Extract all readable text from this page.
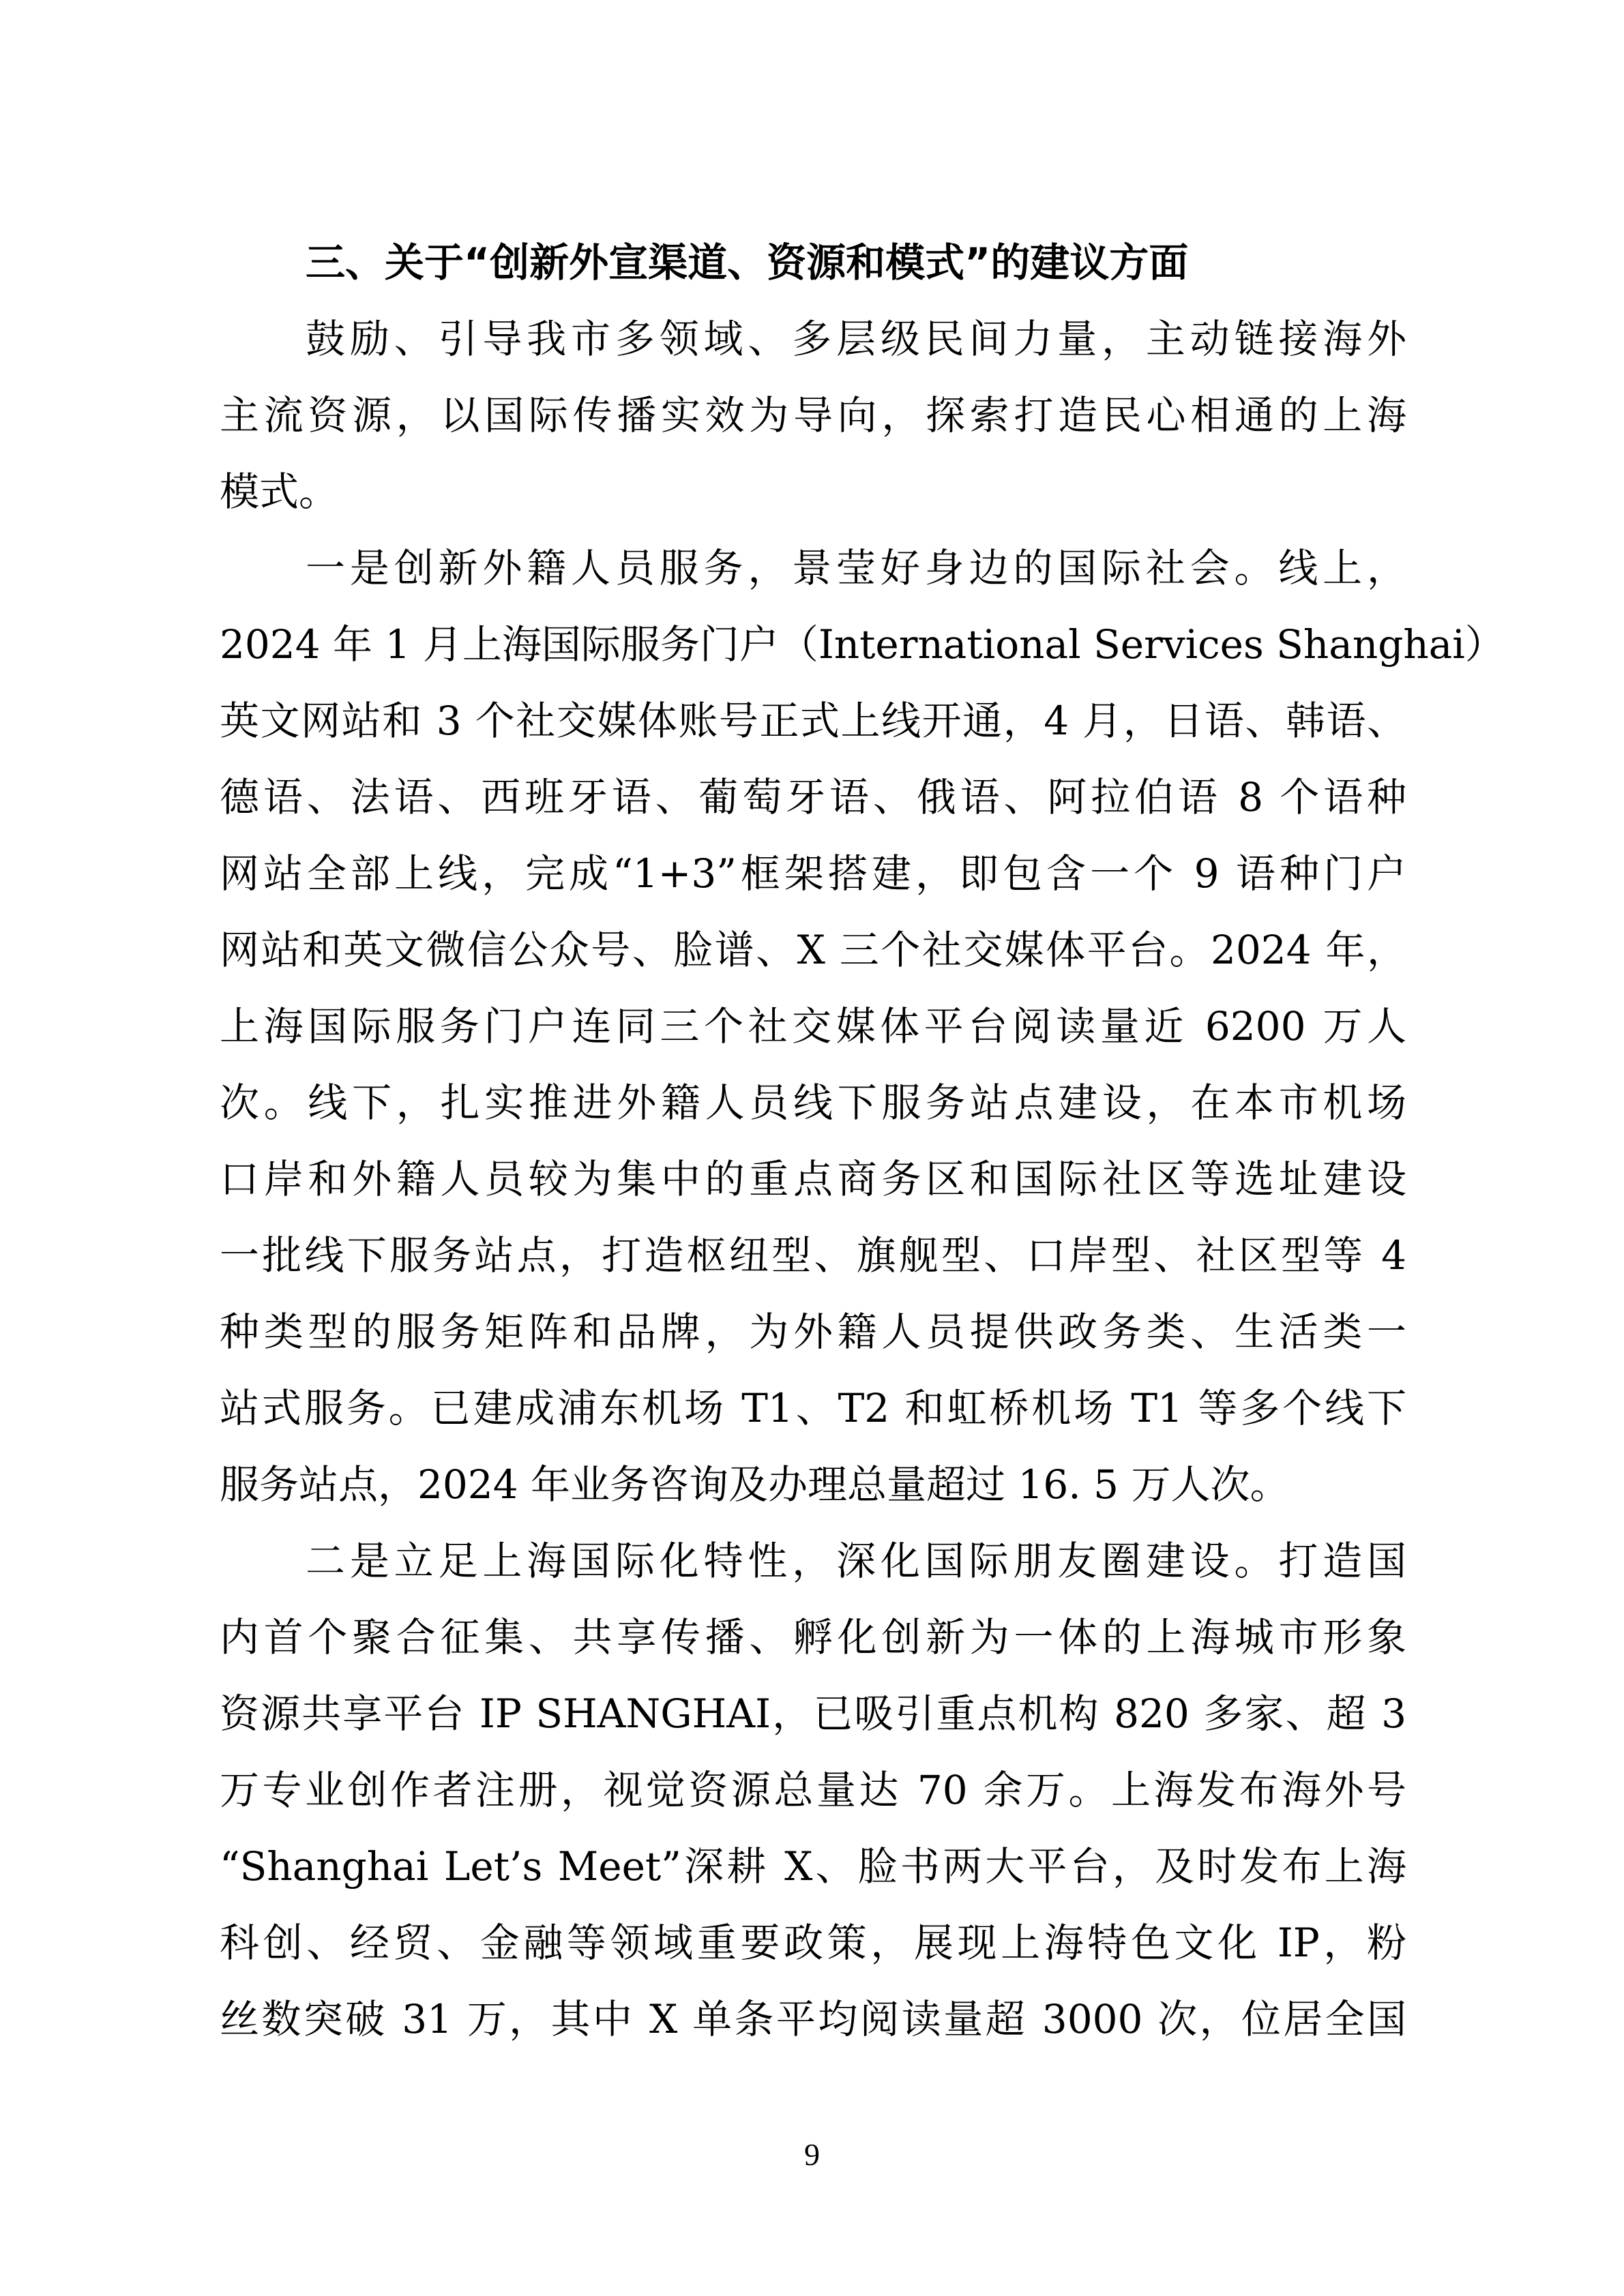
三、关于“创新外宣渠道、资源和模式”的建议方面
鼓励、引导我市多领域、多层级民间力量，主动链接海外
主流资源，以国际传播实效为导向，探索打造民心相通的上海
模式。
一是创新外籍人员服务，景莹好身边的国际社会。线上，
2024 年 1 月上海国际服务门户（International Services Shanghai）
英文网站和 3 个社交媒体账号正式上线开通，4 月，日语、韩语、
德语、法语、西班牙语、葡萄牙语、俄语、阿拉伯语 8 个语种
网站全部上线，完成“1+3”框架搭建，即包含一个 9 语种门户
网站和英文微信公众号、脸谱、X 三个社交媒体平台。2024 年，
上海国际服务门户连同三个社交媒体平台阅读量近 6200 万人
次。线下，扎实推进外籍人员线下服务站点建设，在本市机场
口岸和外籍人员较为集中的重点商务区和国际社区等选址建设
一批线下服务站点，打造枢纽型、旗舰型、口岸型、社区型等 4
种类型的服务矩阵和品牌，为外籍人员提供政务类、生活类一
站式服务。已建成浦东机场 T1、T2 和虹桥机场 T1 等多个线下
服务站点，2024 年业务咨询及办理总量超过 16. 5 万人次。
二是立足上海国际化特性，深化国际朋友圈建设。打造国
内首个聚合征集、共享传播、孵化创新为一体的上海城市形象
资源共享平台 IP SHANGHAI，已吸引重点机构 820 多家、超 3
万专业创作者注册，视觉资源总量达 70 余万。上海发布海外号
“Shanghai Let’s Meet”深耕 X、脸书两大平台，及时发布上海
科创、经贸、金融等领域重要政策，展现上海特色文化 IP，粉
丝数突破 31 万，其中 X 单条平均阅读量超 3000 次，位居全国
9
